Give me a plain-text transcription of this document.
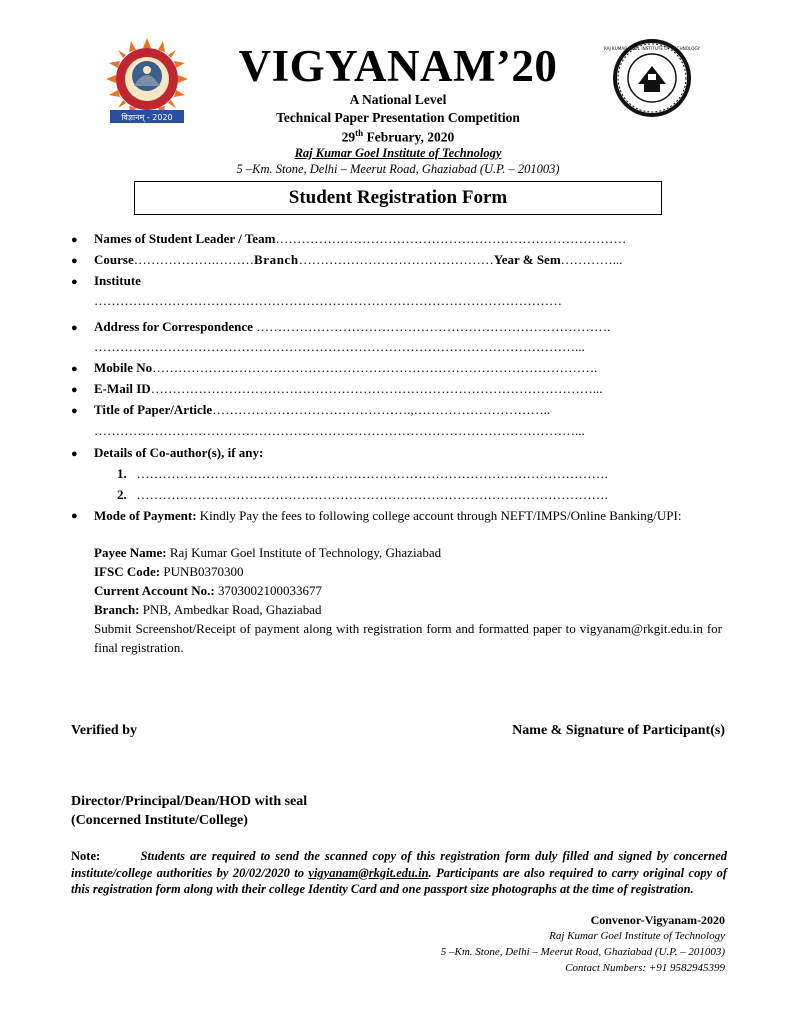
विज्ञानम् - 2020
RAJ KUMAR GOEL INSTITUTE OF TECHNOLOGY
VIGYANAM’20
A National Level
Technical Paper Presentation Competition
29th February, 2020
Raj Kumar Goel Institute of Technology
5 –Km. Stone, Delhi – Meerut Road, Ghaziabad (U.P. – 201003)
Student Registration Form
● Names of Student Leader / Team………………………………………………………………………
● Course……………….………Branch………………………………………Year & Sem…………...
● Institute
………………………………………………………………………………………………
● Address for Correspondence ……………………………………………………………………….
…………………………………………………………………………………………………...
● Mobile No………………………………………………………………………………………….
● E-Mail ID…………………………………………………………………………………………...
● Title of Paper/Article……………………………………….,…………………………..
…………………………………………………………………………………………………...
● Details of Co-author(s), if any:
1. ……………………………………………………………………………………………….
2. ……………………………………………………………………………………………….
● Mode of Payment: Kindly Pay the fees to following college account through NEFT/IMPS/Online Banking/UPI:
Payee Name: Raj Kumar Goel Institute of Technology, Ghaziabad
IFSC Code: PUNB0370300
Current Account No.: 3703002100033677
Branch: PNB, Ambedkar Road, Ghaziabad
Submit Screenshot/Receipt of payment along with registration form and formatted paper to vigyanam@rkgit.edu.in for final registration.
Verified by	Name & Signature of Participant(s)
Director/Principal/Dean/HOD with seal
(Concerned Institute/College)
Note:	Students are required to send the scanned copy of this registration form duly filled and signed by concerned institute/college authorities by 20/02/2020 to vigyanam@rkgit.edu.in. Participants are also required to carry original copy of this registration form along with their college Identity Card and one passport size photographs at the time of registration.
Convenor-Vigyanam-2020
Raj Kumar Goel Institute of Technology
5 –Km. Stone, Delhi – Meerut Road, Ghaziabad (U.P. – 201003)
Contact Numbers: +91 9582945399
